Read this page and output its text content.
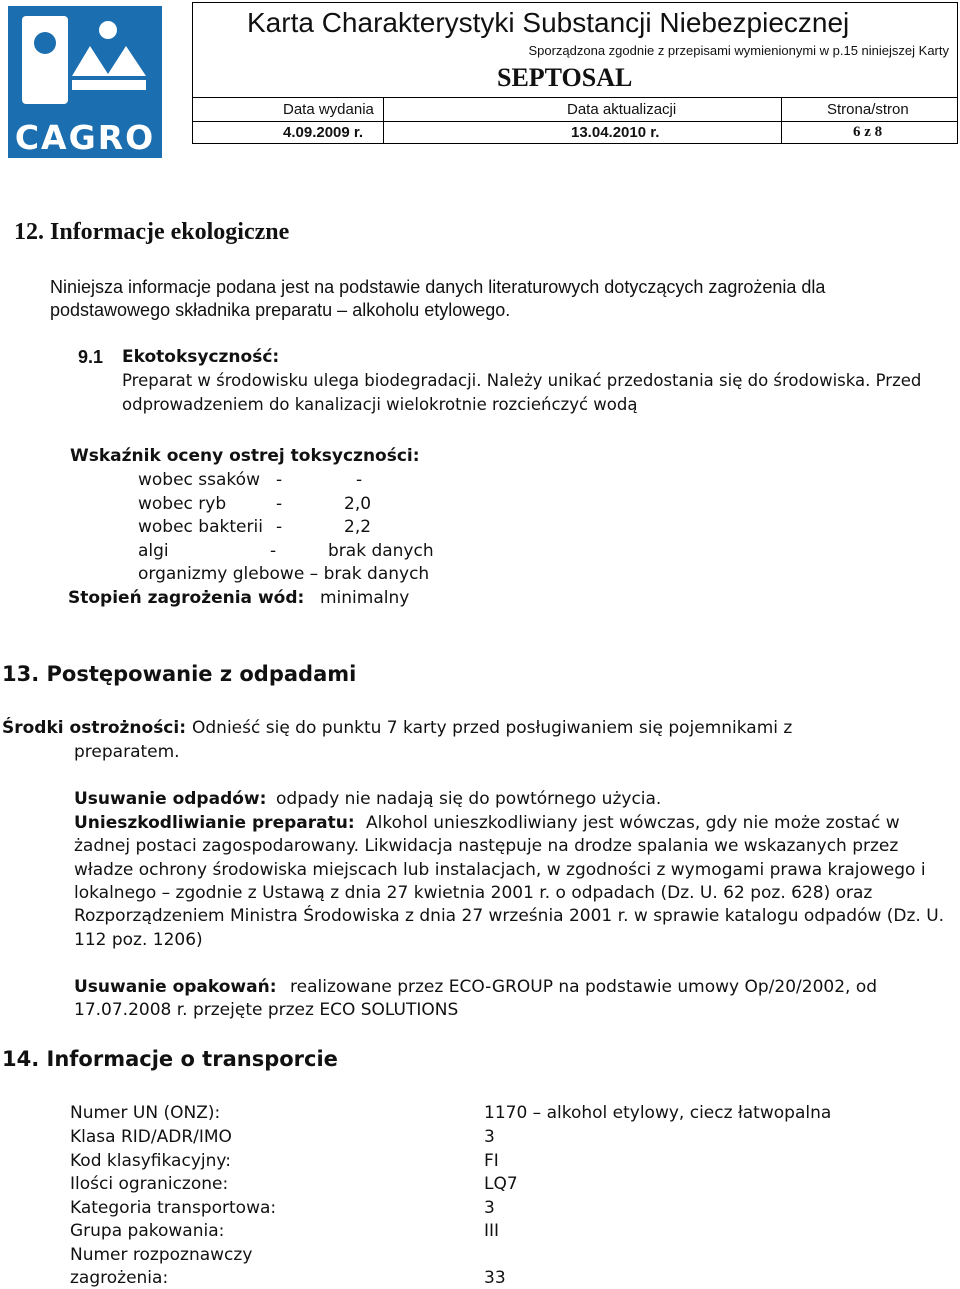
CAGRO
Karta Charakterystyki Substancji Niebezpiecznej
Sporządzona zgodnie z przepisami wymienionymi w p.15 niniejszej Karty
SEPTOSAL
Data wydania	Data aktualizacji	Strona/stron
4.09.2009 r.	13.04.2010 r.	6 z 8
12. Informacje ekologiczne
Niniejsza informacje podana jest na podstawie danych literaturowych dotyczących zagrożenia dla
podstawowego składnika preparatu – alkoholu etylowego.
9.1 Ekotoksyczność:
Preparat w środowisku ulega biodegradacji. Należy unikać przedostania się do środowiska. Przed
odprowadzeniem do kanalizacji wielokrotnie rozcieńczyć wodą
Wskaźnik oceny ostrej toksyczności:
wobec ssaków -	-
wobec ryb	-	2,0
wobec bakterii -	2,2
algi	-	brak danych
organizmy glebowe – brak danych
Stopień zagrożenia wód: minimalny
13. Postępowanie z odpadami
Środki ostrożności: Odnieść się do punktu 7 karty przed posługiwaniem się pojemnikami z
preparatem.
Usuwanie odpadów: odpady nie nadają się do powtórnego użycia.
Unieszkodliwianie preparatu: Alkohol unieszkodliwiany jest wówczas, gdy nie może zostać w
żadnej postaci zagospodarowany. Likwidacja następuje na drodze spalania we wskazanych przez
władze ochrony środowiska miejscach lub instalacjach, w zgodności z wymogami prawa krajowego i
lokalnego – zgodnie z Ustawą z dnia 27 kwietnia 2001 r. o odpadach (Dz. U. 62 poz. 628) oraz
Rozporządzeniem Ministra Środowiska z dnia 27 września 2001 r. w sprawie katalogu odpadów (Dz. U.
112 poz. 1206)
Usuwanie opakowań: realizowane przez ECO-GROUP na podstawie umowy Op/20/2002, od
17.07.2008 r. przejęte przez ECO SOLUTIONS
14. Informacje o transporcie
Numer UN (ONZ):	1170 – alkohol etylowy, ciecz łatwopalna
Klasa RID/ADR/IMO	3
Kod klasyfikacyjny:	FI
Ilości ograniczone:	LQ7
Kategoria transportowa:	3
Grupa pakowania:	III
Numer rozpoznawczy
zagrożenia:	33
